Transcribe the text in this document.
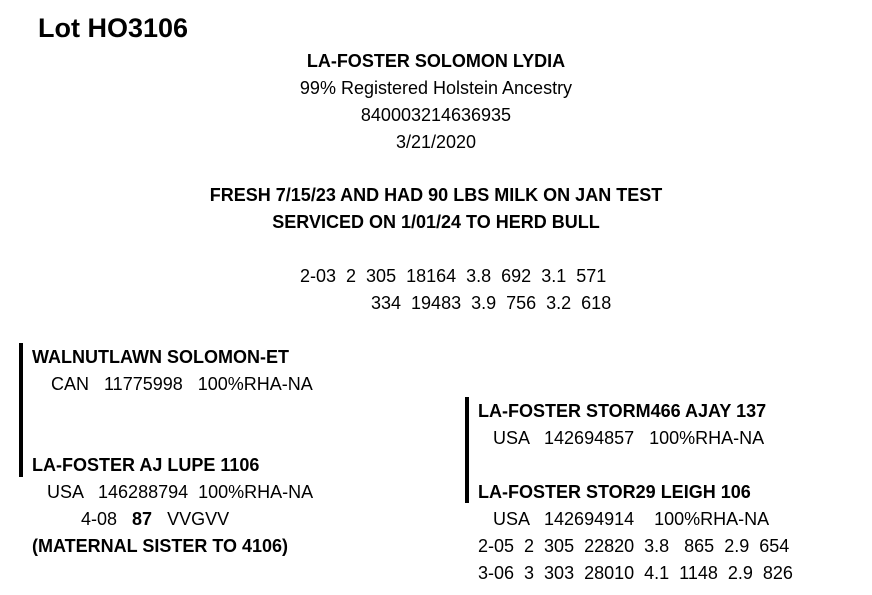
Lot HO3106
LA-FOSTER SOLOMON LYDIA
99% Registered Holstein Ancestry
840003214636935
3/21/2020
FRESH 7/15/23 AND HAD 90 LBS MILK ON JAN TEST
SERVICED ON 1/01/24 TO HERD BULL
2-03  2  305  18164  3.8  692  3.1  571
334  19483  3.9  756  3.2  618
WALNUTLAWN SOLOMON-ET
CAN   11775998   100%RHA-NA
LA-FOSTER AJ LUPE 1106
USA   146288794  100%RHA-NA
4-08 87 VVGVV
(MATERNAL SISTER TO 4106)
LA-FOSTER STORM466 AJAY 137
USA   142694857   100%RHA-NA
LA-FOSTER STOR29 LEIGH 106
USA   142694914    100%RHA-NA
2-05  2  305  22820  3.8   865  2.9  654
3-06  3  303  28010  4.1  1148  2.9  826
